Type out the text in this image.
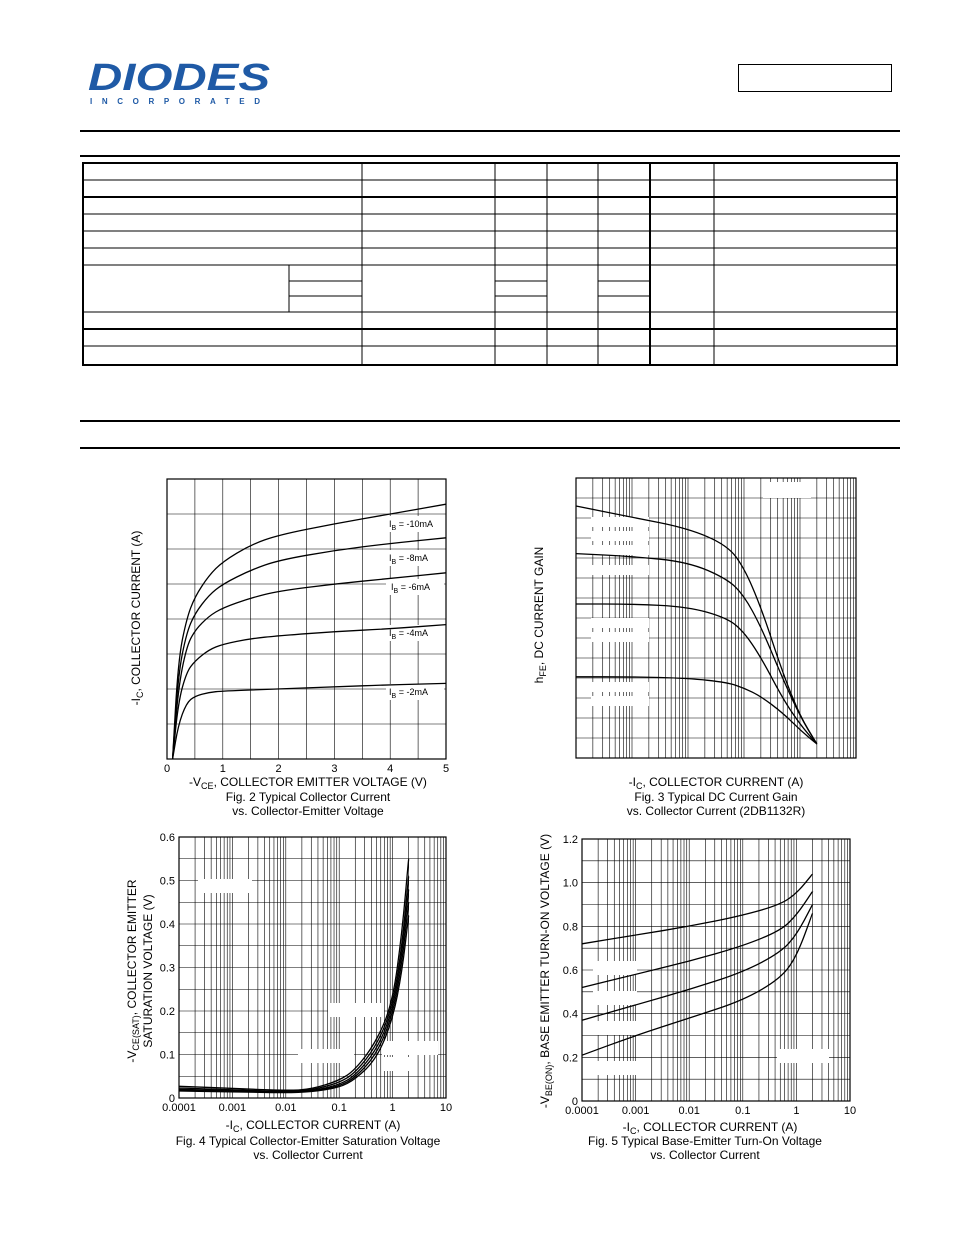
DIODES
INCORPORATED
0	1	2	3	4	5
$I_B = -10mA$
$I_B = -8mA$
$I_B = -6mA$
$I_B = -4mA$
$I_B = -2mA$
$-V_{CE}$, COLLECTOR EMITTER VOLTAGE (V)
$-I_C$, COLLECTOR CURRENT (A)
Fig. 2 Typical Collector Current
vs. Collector-Emitter Voltage
$-I_C$, COLLECTOR CURRENT (A)
$h_{FE}$, DC CURRENT GAIN
Fig. 3 Typical DC Current Gain
vs. Collector Current (2DB1132R)
0.0001 0.001	0.01	0.1	1	10
0
0.1
0.2
0.3
0.4
0.5
0.6
$-I_C$, COLLECTOR CURRENT (A)
$-V_{CE(SAT)}$, COLLECTOR EMITTER SATURATION VOLTAGE (V)
Fig. 4 Typical Collector-Emitter Saturation Voltage
vs. Collector Current
0.0001 0.001	0.01	0.1	1	10
0
0.2
0.4
0.6
0.8
1.0
1.2
$-I_C$, COLLECTOR CURRENT (A)
$-V_{BE(ON)}$, BASE EMITTER TURN-ON VOLTAGE (V)
Fig. 5 Typical Base-Emitter Turn-On Voltage
vs. Collector Current
